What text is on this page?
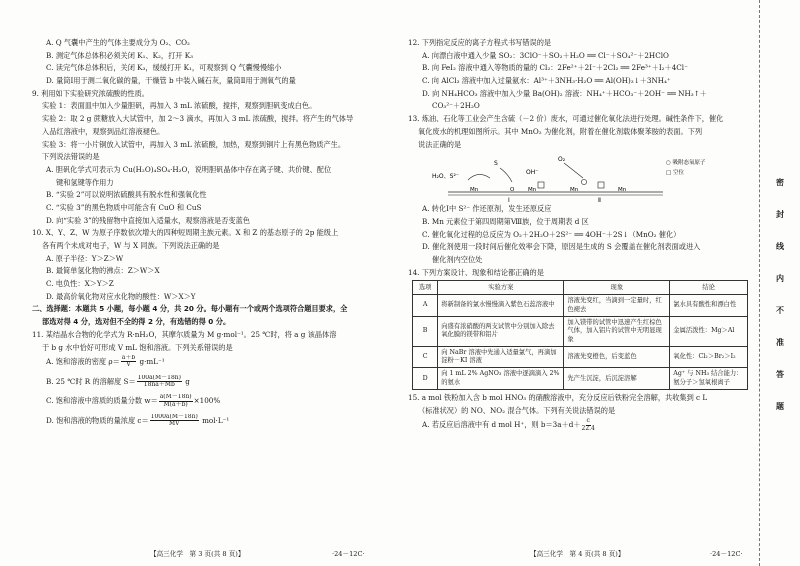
A. Q 气囊中产生的气体主要成分为 O₂、CO₂
B. 测定气体总体积必须关闭 K₁、K₂，打开 K₃
C. 读完气体总体积后，关闭 K₃，缓缓打开 K₁，可观察到 Q 气囊慢慢缩小
D. 量筒Ⅰ用于测二氧化碳的量，干燥管 b 中装入碱石灰，量筒Ⅱ用于测氧气的量
9. 利用如下实验研究浓硫酸的性质。
实验 1：表面皿中加入少量胆矾，再加入 3 mL 浓硫酸，搅拌，观察到胆矾变成白色。
实验 2：取 2 g 蔗糖放入大试管中，加 2～3 滴水，再加入 3 mL 浓硫酸，搅拌。将产生的气体导
入品红溶液中，观察到品红溶液褪色。
实验 3：将一小片铜放入试管中，再加入 3 mL 浓硫酸，加热，观察到铜片上有黑色物质产生。
下列说法错误的是
A. 胆矾化学式可表示为 Cu(H₂O)₄SO₄·H₂O，说明胆矾晶体中存在离子键、共价键、配位
键和氢键等作用力
B. “实验 2”可以说明浓硫酸具有脱水性和强氧化性
C. “实验 3”的黑色物质中可能含有 CuO 和 CuS
D. 向“实验 3”的残留物中直接加入适量水，观察溶液是否变蓝色
10. X、Y、Z、W 为原子序数依次增大的四种短周期主族元素。X 和 Z 的基态原子的 2p 能级上
各有两个未成对电子，W 与 X 同族。下列说法正确的是
A. 原子半径：Y＞Z＞W
B. 最简单氢化物的沸点：Z＞W＞X
C. 电负性：X＞Y＞Z
D. 最高价氧化物对应水化物的酸性：W＞X＞Y
二、选择题：本题共 5 小题，每小题 4 分，共 20 分。每小题有一个或两个选项符合题目要求，全
部选对得 4 分，选对但不全的得 2 分，有选错的得 0 分。
11. 某结晶水合物的化学式为 R·nH₂O，其摩尔质量为 M g·mol⁻¹。25 ℃时，将 a g 该晶体溶
于 b g 水中恰好可形成 V mL 饱和溶液。下列关系错误的是
A. 饱和溶液的密度 $\rho= \frac{a+b}{V} g\cdot mL^{-1}$
B. 25 ℃时 R 的溶解度 $S= \frac{100a(M-18n)}{18na+Mb}$ g
C. 饱和溶液中溶质的质量分数 $w= \frac{a(M-18n)}{M(a+b)} \times 100\%$
D. 饱和溶液的物质的量浓度 $c= \frac{1000a(M-18n)}{MV} mol\cdot L^{-1}$
【高三化学　第 3 页(共 8 页)】	·24－12C·
12. 下列指定反应的离子方程式书写错误的是
A. 向漂白液中通入少量 SO₂：3ClO⁻＋SO₂＋H₂O ══ Cl⁻＋SO₄²⁻＋2HClO
B. 向 FeI₂ 溶液中通入等物质的量的 Cl₂：2Fe²⁺＋2I⁻＋2Cl₂ ══ 2Fe³⁺＋I₂＋4Cl⁻
C. 向 AlCl₃ 溶液中加入过量氨水：Al³⁺＋3NH₃·H₂O ══ Al(OH)₃↓＋3NH₄⁺
D. 向 NH₄HCO₃ 溶液中加入少量 Ba(OH)₂ 溶液：NH₄⁺＋HCO₃⁻＋2OH⁻ ══ NH₃↑＋
CO₃²⁻＋2H₂O
13. 炼油、石化等工业会产生含硫（－2 价）废水，可通过催化氧化法进行处理。碱性条件下，催化
氧化废水的机理如图所示。其中 MnO₂ 为催化剂，附着在催化剂载体聚苯胺的表面。下列
说法正确的是
H₂O、S²⁻
S
OH⁻
O₂	○ 吸附态氧原子
□ 空位
Mn	O Mn	Mn	Mn
Ⅰ	Ⅱ
A. 转化Ⅰ中 S²⁻ 作还原剂，发生还原反应
B. Mn 元素位于第四周期第Ⅷ族，位于周期表 d 区
C. 催化氧化过程的总反应为 O₂＋2H₂O＋2S²⁻ ══ 4OH⁻＋2S↓（MnO₂ 催化）
D. 催化剂使用一段时间后催化效率会下降，原因是生成的 S 会覆盖在催化剂表面或进入
催化剂内空位处
14. 下列方案设计、现象和结论都正确的是
选项	实验方案	现象	结论
A	将新制备的氯水慢慢滴入紫色石蕊溶液中	溶液先变红，当滴到一定量时，红色褪去	氯水具有酸性和漂白性
B	向盛有浓硝酸的两支试管中分别加入除去氧化膜的镁带和铝片	加入镁带的试管中迅速产生红棕色气体，加入铝片的试管中无明显现象	金属活泼性：Mg＞Al
C	向 NaBr 溶液中先通入适量氯气，再滴加淀粉－KI 溶液	溶液先变橙色，后变蓝色	氧化性：Cl₂＞Br₂＞I₂
D	向 1 mL 2% AgNO₃ 溶液中逐滴滴入 2% 的氨水	先产生沉淀，后沉淀溶解	Ag⁺ 与 NH₃ 结合能力：氨分子＞氢氧根离子
15. a mol 铁粉加入含 b mol HNO₃ 的硝酸溶液中，充分反应后铁粉完全溶解，共收集到 c L
（标准状况）的 NO、NO₂ 混合气体。下列有关说法错误的是
A. 若反应后溶液中有 d mol H⁺，则 $b=3a+d+ \frac{c}{22.4}$
【高三化学　第 4 页(共 8 页)】	·24－12C·
密
封
线
内
不
准
答
题
